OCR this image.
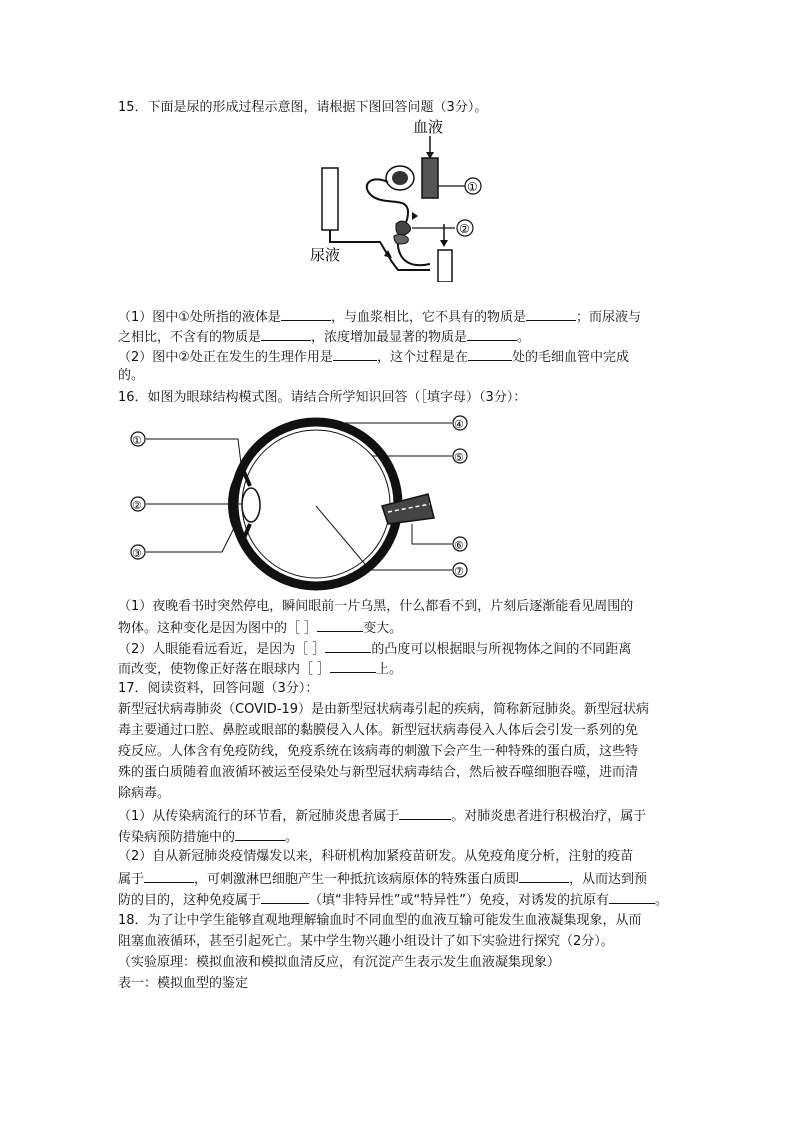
15．下面是尿的形成过程示意图，请根据下图回答问题（3分）。
血液
①
②
尿液
（1）图中①处所指的液体是	，与血浆相比，它不具有的物质是	；而尿液与
之相比，不含有的物质是	，浓度增加最显著的物质是	。
（2）图中②处正在发生的生理作用是	，这个过程是在	处的毛细血管中完成
的。
16．如图为眼球结构模式图。请结合所学知识回答（［填字母）（3分）：
①
②
③
④
⑤
⑥
⑦
（1）夜晚看书时突然停电，瞬间眼前一片乌黑，什么都看不到，片刻后逐渐能看见周围的
物体。这种变化是因为图中的［ ］	变大。
（2）人眼能看远看近，是因为［ ］	的凸度可以根据眼与所视物体之间的不同距离
而改变，使物像正好落在眼球内［ ］	上。
17．阅读资料，回答问题（3分）：
新型冠状病毒肺炎（COVID-19）是由新型冠状病毒引起的疾病，简称新冠肺炎。新型冠状病
毒主要通过口腔、鼻腔或眼部的黏膜侵入人体。新型冠状病毒侵入人体后会引发一系列的免
疫反应。人体含有免疫防线，免疫系统在该病毒的刺激下会产生一种特殊的蛋白质，这些特
殊的蛋白质随着血液循环被运至侵染处与新型冠状病毒结合，然后被吞噬细胞吞噬，进而清
除病毒。
（1）从传染病流行的环节看，新冠肺炎患者属于	。对肺炎患者进行积极治疗，属于
传染病预防措施中的	。
（2）自从新冠肺炎疫情爆发以来，科研机构加紧疫苗研发。从免疫角度分析，注射的疫苗
属于	，可刺激淋巴细胞产生一种抵抗该病原体的特殊蛋白质即	，从而达到预
防的目的，这种免疫属于	（填“非特异性”或“特异性”）免疫，对诱发的抗原有	。
18．为了让中学生能够直观地理解输血时不同血型的血液互输可能发生血液凝集现象，从而
阻塞血液循环，甚至引起死亡。某中学生物兴趣小组设计了如下实验进行探究（2分）。
（实验原理：模拟血液和模拟血清反应，有沉淀产生表示发生血液凝集现象）
表一：模拟血型的鉴定
